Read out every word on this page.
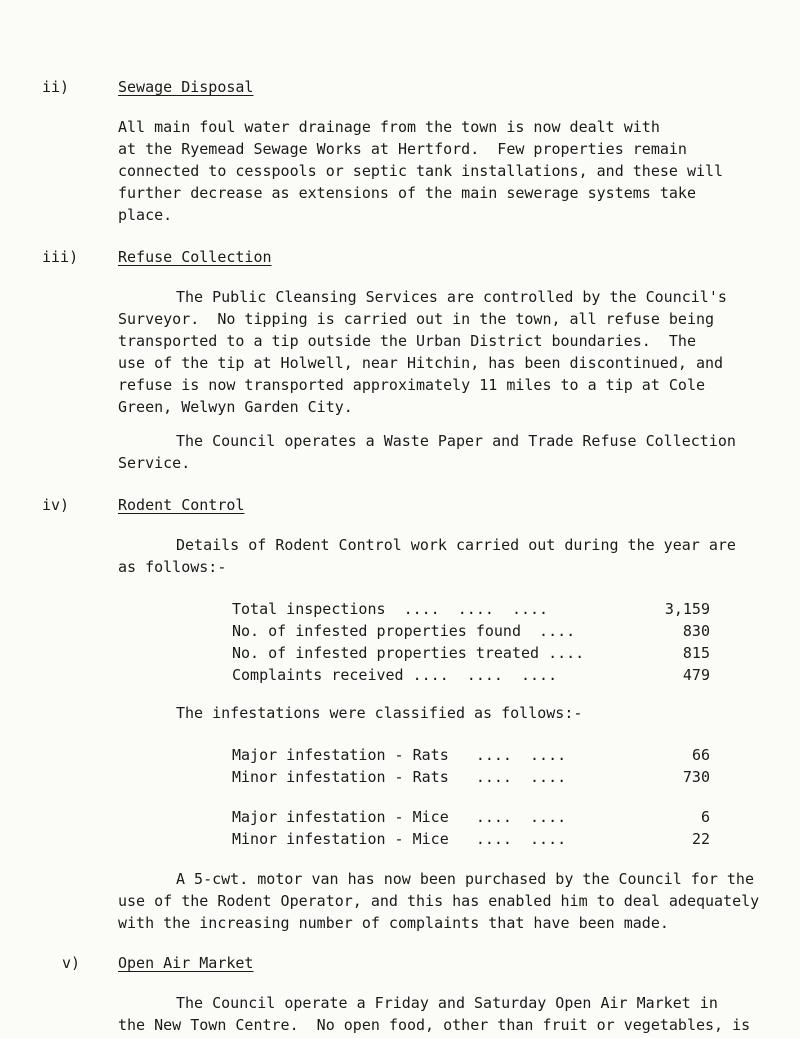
ii)	Sewage Disposal
All main foul water drainage from the town is now dealt with
at the Ryemead Sewage Works at Hertford.  Few properties remain
connected to cesspools or septic tank installations, and these will
further decrease as extensions of the main sewerage systems take
place.
iii)	Refuse Collection
The Public Cleansing Services are controlled by the Council's
Surveyor.  No tipping is carried out in the town, all refuse being
transported to a tip outside the Urban District boundaries.  The
use of the tip at Holwell, near Hitchin, has been discontinued, and
refuse is now transported approximately 11 miles to a tip at Cole
Green, Welwyn Garden City.
The Council operates a Waste Paper and Trade Refuse Collection
Service.
iv)	Rodent Control
Details of Rodent Control work carried out during the year are
as follows:-
Total inspections  ....  ....  ....	3,159
No. of infested properties found  ....	830
No. of infested properties treated ....	815
Complaints received ....  ....  ....	479
The infestations were classified as follows:-
Major infestation - Rats   ....  ....	66
Minor infestation - Rats   ....  ....	730
Major infestation - Mice   ....  ....	6
Minor infestation - Mice   ....  ....	22
A 5-cwt. motor van has now been purchased by the Council for the
use of the Rodent Operator, and this has enabled him to deal adequately
with the increasing number of complaints that have been made.
v)	Open Air Market
The Council operate a Friday and Saturday Open Air Market in
the New Town Centre.  No open food, other than fruit or vegetables, is
